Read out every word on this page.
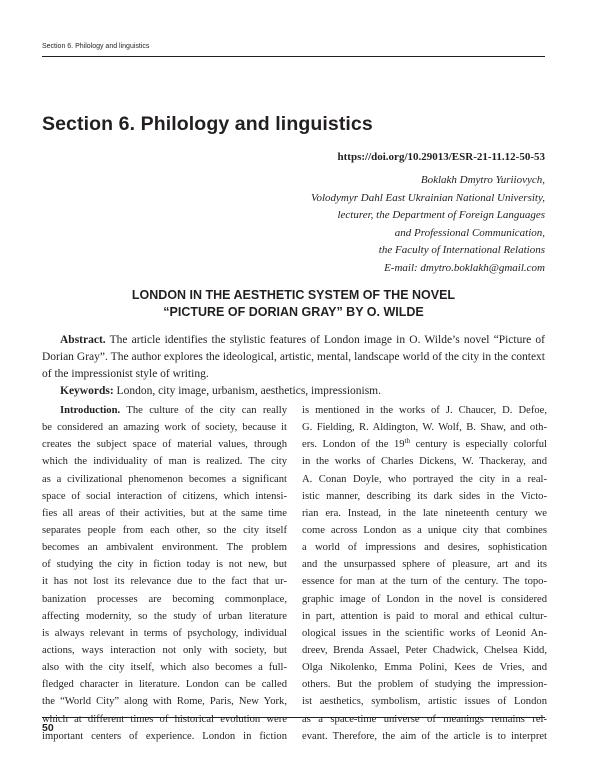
Section 6. Philology and linguistics
Section 6. Philology and linguistics
https://doi.org/10.29013/ESR-21-11.12-50-53
Boklakh Dmytro Yuriiovych,
Volodymyr Dahl East Ukrainian National University,
lecturer, the Department of Foreign Languages
and Professional Communication,
the Faculty of International Relations
E-mail: dmytro.boklakh@gmail.com
LONDON IN THE AESTHETIC SYSTEM OF THE NOVEL
“PICTURE OF DORIAN GRAY” BY O. WILDE
Abstract. The article identifies the stylistic features of London image in O. Wilde’s novel “Picture of Dorian Gray”. The author explores the ideological, artistic, mental, landscape world of the city in the context of the impressionist style of writing.
Keywords: London, city image, urbanism, aesthetics, impressionism.
Introduction. The culture of the city can really
be considered an amazing work of society, because it
creates the subject space of material values, through
which the individuality of man is realized. The city
as a civilizational phenomenon becomes a significant
space of social interaction of citizens, which intensi-
fies all areas of their activities, but at the same time
separates people from each other, so the city itself
becomes an ambivalent environment. The problem
of studying the city in fiction today is not new, but
it has not lost its relevance due to the fact that ur-
banization processes are becoming commonplace,
affecting modernity, so the study of urban literature
is always relevant in terms of psychology, individual
actions, ways interaction not only with society, but
also with the city itself, which also becomes a full-
fledged character in literature. London can be called
the “World City” along with Rome, Paris, New York,
which at different times of historical evolution were
important centers of experience. London in fiction
is mentioned in the works of J. Chaucer, D. Defoe,
G. Fielding, R. Aldington, W. Wolf, B. Shaw, and oth-
ers. London of the 19th century is especially colorful
in the works of Charles Dickens, W. Thackeray, and
A. Conan Doyle, who portrayed the city in a real-
istic manner, describing its dark sides in the Victo-
rian era. Instead, in the late nineteenth century we
come across London as a unique city that combines
a world of impressions and desires, sophistication
and the unsurpassed sphere of pleasure, art and its
essence for man at the turn of the century. The topo-
graphic image of London in the novel is considered
in part, attention is paid to moral and ethical cultur-
ological issues in the scientific works of Leonid An-
dreev, Brenda Assael, Peter Chadwick, Chelsea Kidd,
Olga Nikolenko, Emma Polini, Kees de Vries, and
others. But the problem of studying the impression-
ist aesthetics, symbolism, artistic issues of London
as a space-time universe of meanings remains rel-
evant. Therefore, the aim of the article is to interpret
50
